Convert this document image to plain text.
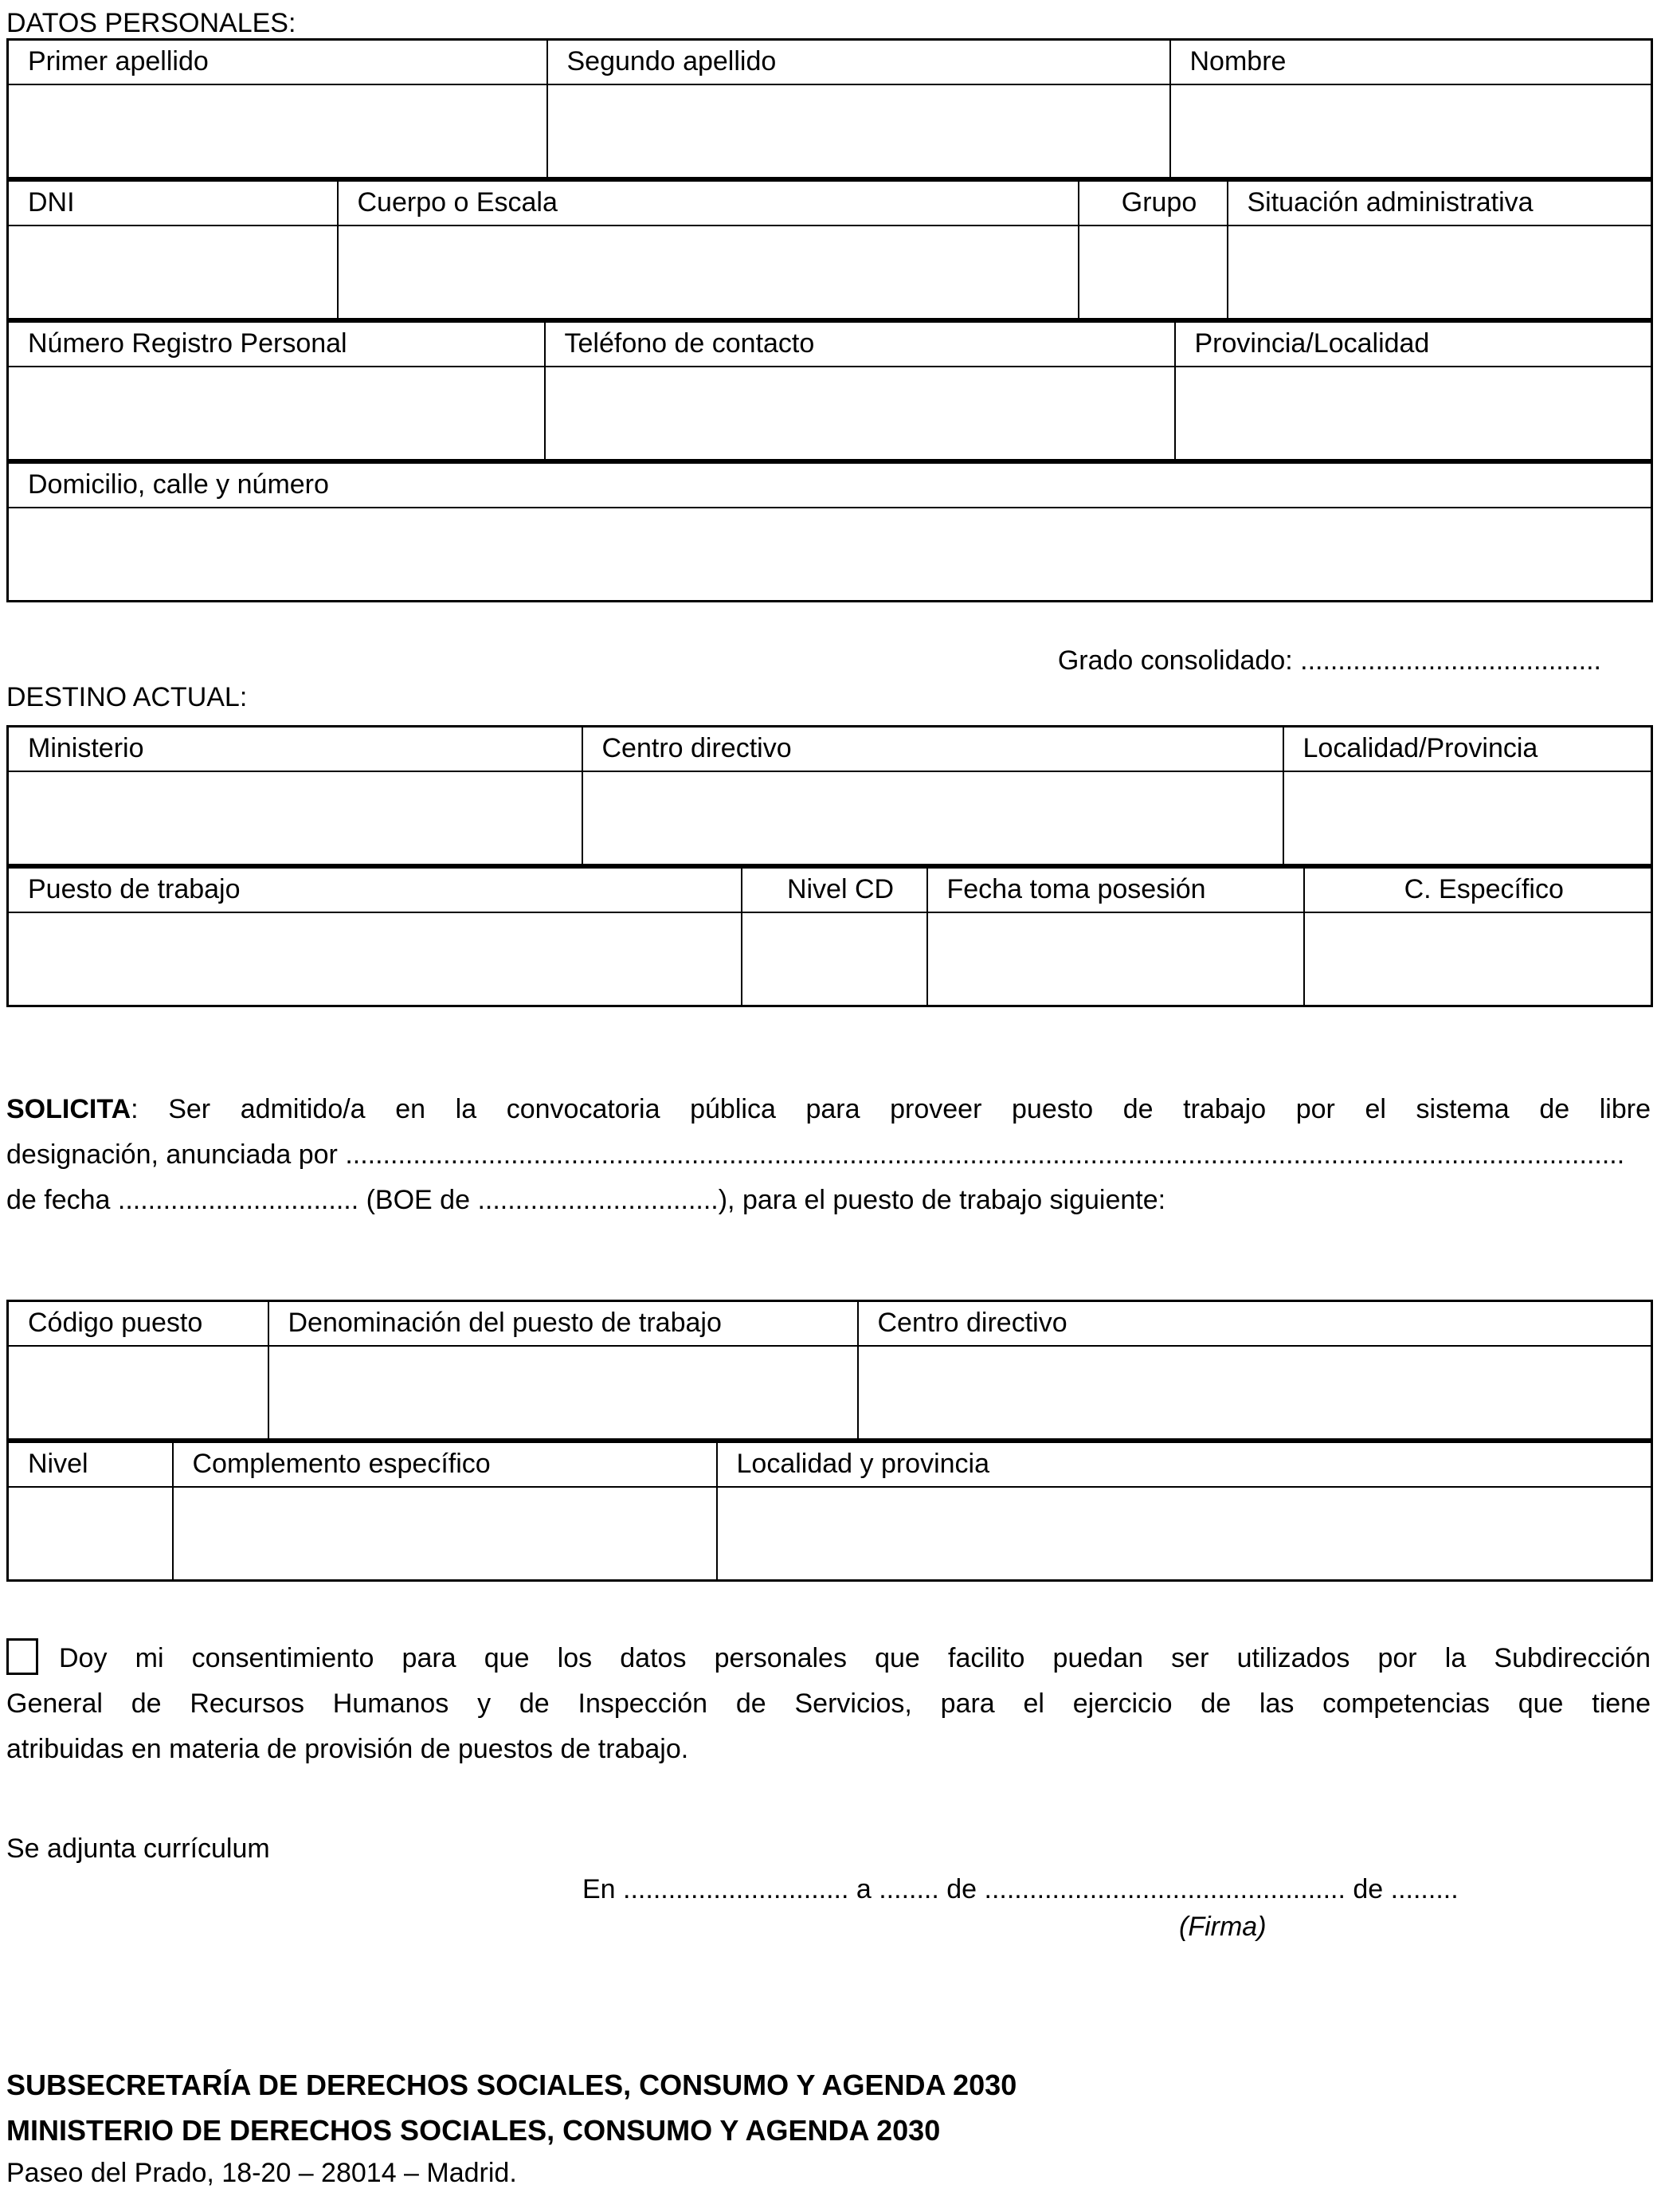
DATOS PERSONALES:
Primer apellido	Segundo apellido	Nombre

DNI	Cuerpo o Escala	Grupo	Situación administrativa

Número Registro Personal	Teléfono de contacto	Provincia/Localidad

Domicilio, calle y número

Grado consolidado: ........................................
DESTINO ACTUAL:
Ministerio	Centro directivo	Localidad/Provincia

Puesto de trabajo	Nivel CD	Fecha toma posesión	C. Específico

SOLICITA: Ser admitido/a en la convocatoria pública para proveer puesto de trabajo por el sistema de libre
designación, anunciada por ..........................................................................................................................................................................
de fecha ................................ (BOE de ................................), para el puesto de trabajo siguiente:
Código puesto	Denominación del puesto de trabajo	Centro directivo

Nivel	Complemento específico	Localidad y provincia

Doy mi consentimiento para que los datos personales que facilito puedan ser utilizados por la Subdirección
General de Recursos Humanos y de Inspección de Servicios, para el ejercicio de las competencias que tiene
atribuidas en materia de provisión de puestos de trabajo.
Se adjunta currículum
En .............................. a ........ de ................................................ de .........
(Firma)
SUBSECRETARÍA DE DERECHOS SOCIALES, CONSUMO Y AGENDA 2030
MINISTERIO DE DERECHOS SOCIALES, CONSUMO Y AGENDA 2030
Paseo del Prado, 18-20 – 28014 – Madrid.
